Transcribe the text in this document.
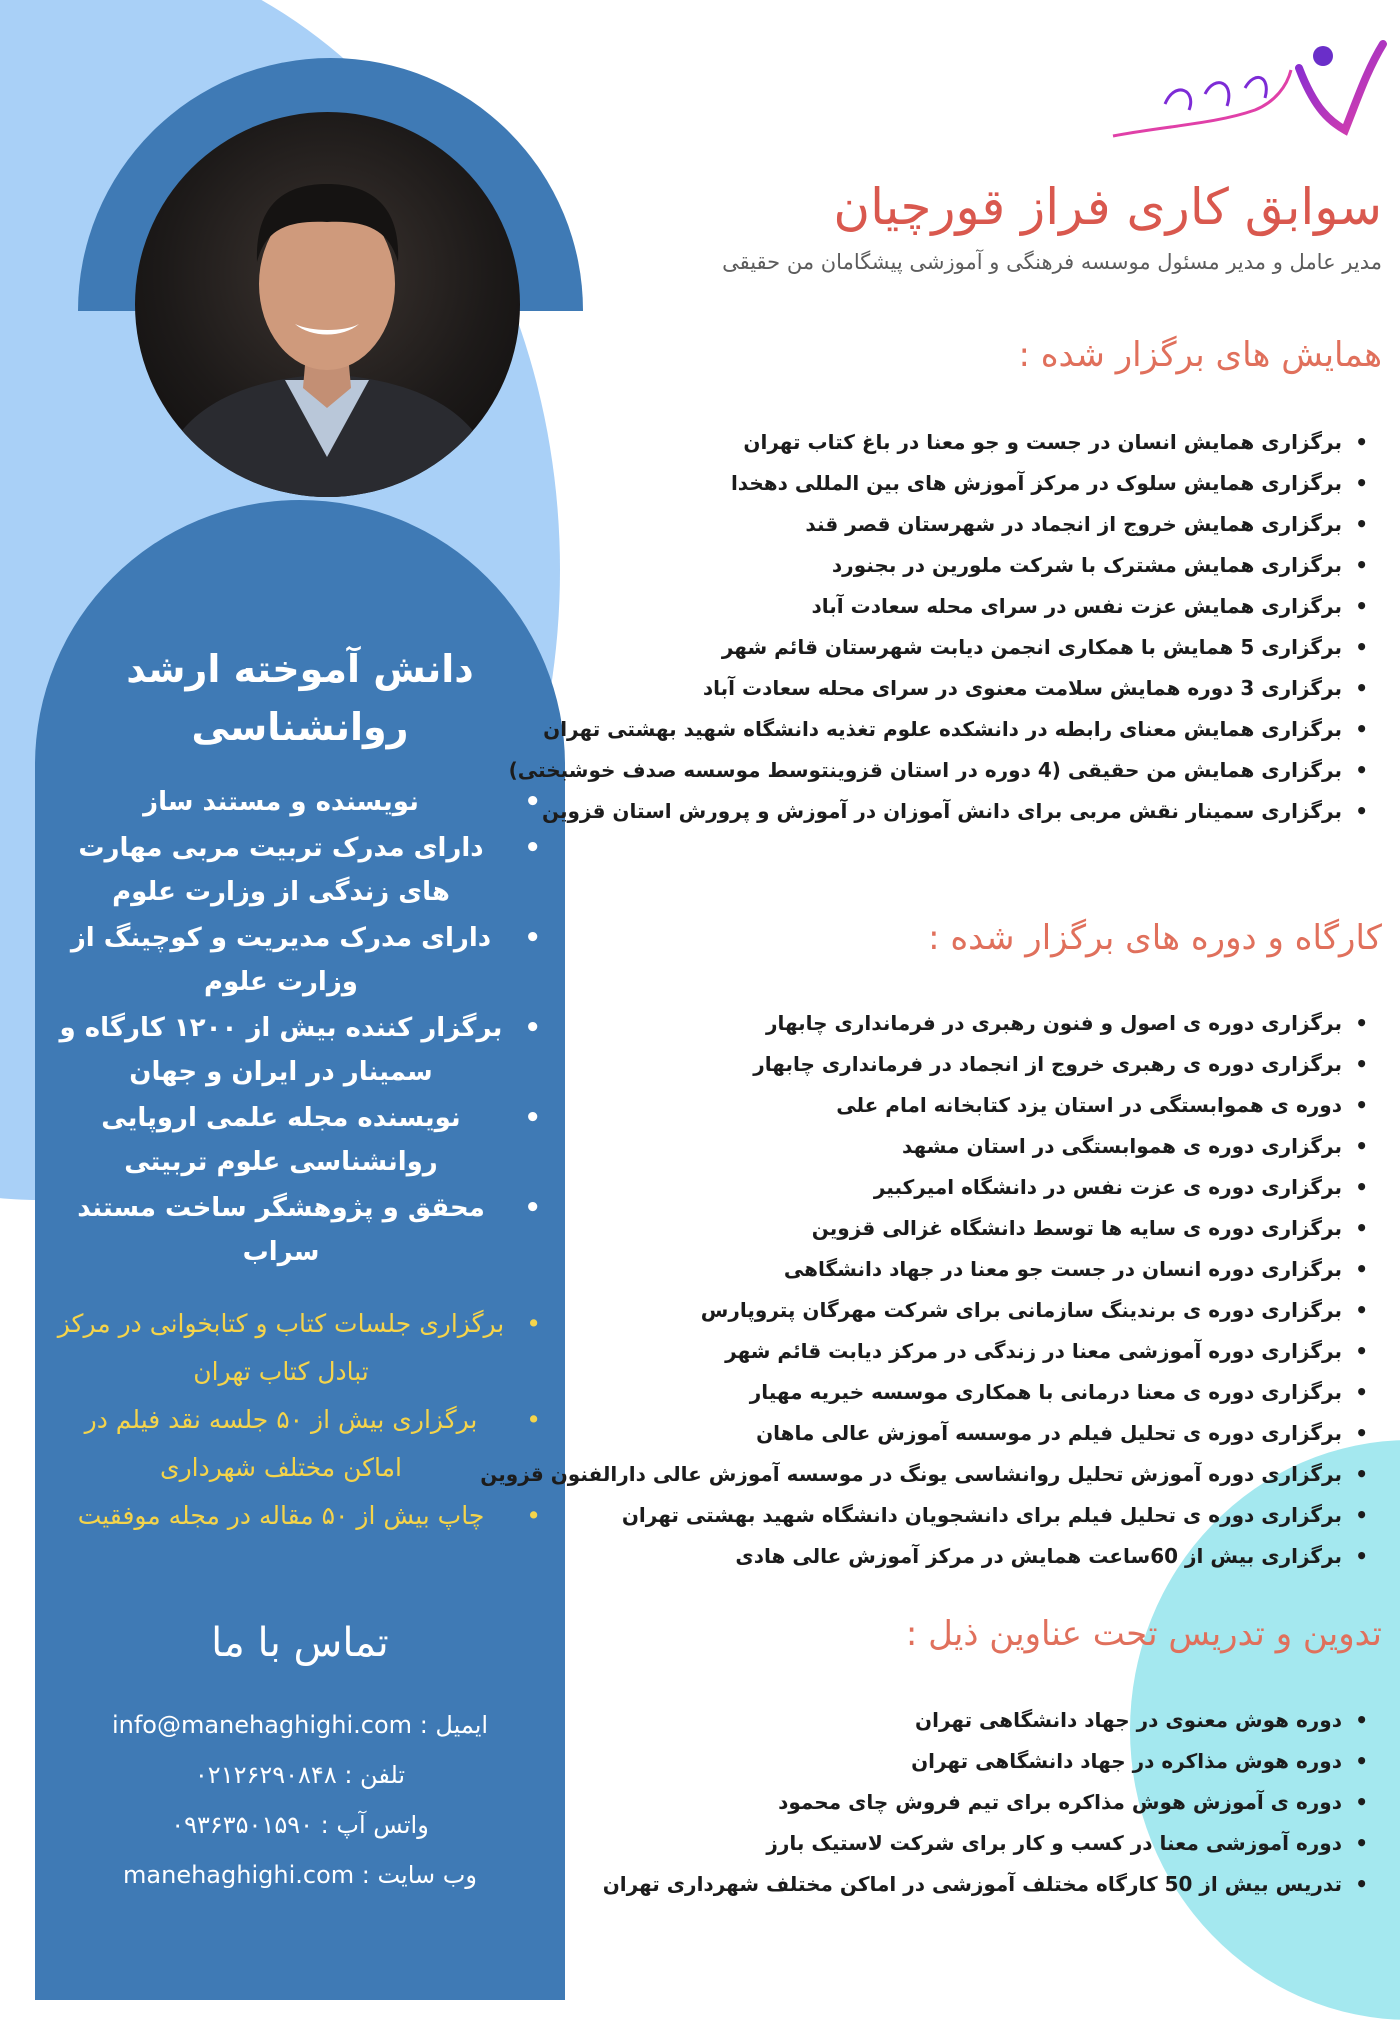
دانش آموخته ارشد روانشناسی
• نویسنده و مستند ساز
• دارای مدرک تربیت مربی مهارت های زندگی از وزارت علوم
• دارای مدرک مدیریت و کوچینگ از وزارت علوم
• برگزار کننده بیش از ۱۲۰۰ کارگاه و سمینار در ایران و جهان
• نویسنده مجله علمی اروپایی روانشناسی علوم تربیتی
• محقق و پژوهشگر ساخت مستند سراب
• برگزاری جلسات کتاب و کتابخوانی در مرکز تبادل کتاب تهران
• برگزاری بیش از ۵۰ جلسه نقد فیلم در اماکن مختلف شهرداری
• چاپ بیش از ۵۰ مقاله در مجله موفقیت
تماس با ما
ایمیل : info@manehaghighi.com
تلفن : ۰۲۱۲۶۲۹۰۸۴۸
واتس آپ : ۰۹۳۶۳۵۰۱۵۹۰
وب سایت : manehaghighi.com
سوابق کاری فراز قورچیان
مدیر عامل و مدیر مسئول موسسه فرهنگی و آموزشی پیشگامان من حقیقی
همایش های برگزار شده :
• برگزاری همایش انسان در جست و جو معنا در باغ کتاب تهران
• برگزاری همایش سلوک در مرکز آموزش های بین المللی دهخدا
• برگزاری همایش خروج از انجماد در شهرستان قصر قند
• برگزاری همایش مشترک با شرکت ملورین در بجنورد
• برگزاری همایش عزت نفس در سرای محله سعادت آباد
• برگزاری 5 همایش با همکاری انجمن دیابت شهرستان قائم شهر
• برگزاری 3 دوره همایش سلامت معنوی در سرای محله سعادت آباد
• برگزاری همایش معنای رابطه در دانشکده علوم تغذیه دانشگاه شهید بهشتی تهران
• برگزاری همایش من حقیقی (4 دوره در استان قزوینتوسط موسسه صدف خوشبختی)
• برگزاری سمینار نقش مربی برای دانش آموزان در آموزش و پرورش استان قزوین
کارگاه و دوره های برگزار شده :
• برگزاری دوره ی اصول و فنون رهبری در فرمانداری چابهار
• برگزاری دوره ی رهبری خروج از انجماد در فرمانداری چابهار
• دوره ی هموابستگی در استان یزد کتابخانه امام علی
• برگزاری دوره ی هموابستگی در استان مشهد
• برگزاری دوره ی عزت نفس در دانشگاه امیرکبیر
• برگزاری دوره ی سایه ها توسط دانشگاه غزالی قزوین
• برگزاری دوره انسان در جست جو معنا در جهاد دانشگاهی
• برگزاری دوره ی برندینگ سازمانی برای شرکت مهرگان پتروپارس
• برگزاری دوره آموزشی معنا در زندگی در مرکز دیابت قائم شهر
• برگزاری دوره ی معنا درمانی با همکاری موسسه خیریه مهیار
• برگزاری دوره ی تحلیل فیلم در موسسه آموزش عالی ماهان
• برگزاری دوره آموزش تحلیل روانشاسی یونگ در موسسه آموزش عالی دارالفنون قزوین
• برگزاری دوره ی تحلیل فیلم برای دانشجویان دانشگاه شهید بهشتی تهران
• برگزاری بیش از 60ساعت همایش در مرکز آموزش عالی هادی
تدوین و تدریس تحت عناوین ذیل :
• دوره هوش معنوی در جهاد دانشگاهی تهران
• دوره هوش مذاکره در جهاد دانشگاهی تهران
• دوره ی آموزش هوش مذاکره برای تیم فروش چای محمود
• دوره آموزشی معنا در کسب و کار برای شرکت لاستیک بارز
• تدریس بیش از 50 کارگاه مختلف آموزشی در اماکن مختلف شهرداری تهران
